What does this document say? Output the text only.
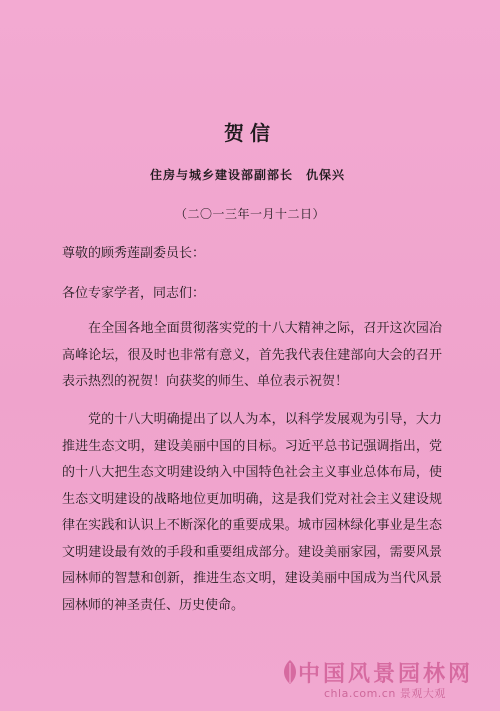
贺信
住房与城乡建设部副部长　仇保兴
（二〇一三年一月十二日）
尊敬的顾秀莲副委员长：
各位专家学者，同志们：

在全国各地全面贯彻落实党的十八大精神之际，召开这次园冶高峰论坛，很及时也非常有意义，首先我代表住建部向大会的召开表示热烈的祝贺！向获奖的师生、单位表示祝贺！

党的十八大明确提出了以人为本，以科学发展观为引导，大力推进生态文明，建设美丽中国的目标。习近平总书记强调指出，党的十八大把生态文明建设纳入中国特色社会主义事业总体布局，使生态文明建设的战略地位更加明确，这是我们党对社会主义建设规律在实践和认识上不断深化的重要成果。城市园林绿化事业是生态文明建设最有效的手段和重要组成部分。建设美丽家园，需要风景园林师的智慧和创新，推进生态文明，建设美丽中国成为当代风景园林师的神圣责任、历史使命。

中国风景园林网
chla.com.cn 景观大观
